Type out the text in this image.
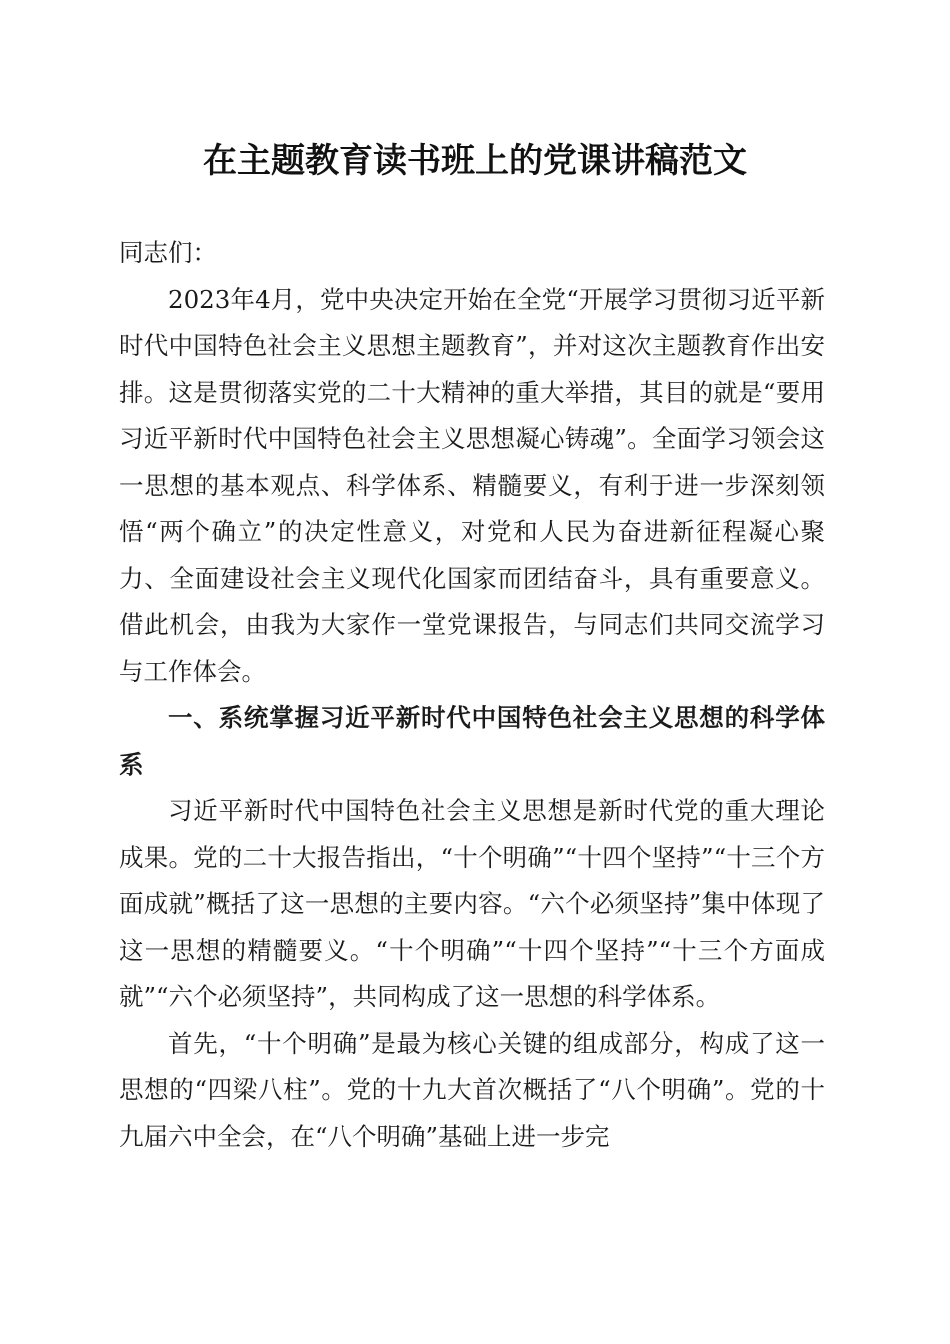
在主题教育读书班上的党课讲稿范文

同志们：

2023年4月，党中央决定开始在全党“开展学习贯彻习近平新时代中国特色社会主义思想主题教育”，并对这次主题教育作出安排。这是贯彻落实党的二十大精神的重大举措，其目的就是“要用习近平新时代中国特色社会主义思想凝心铸魂”。全面学习领会这一思想的基本观点、科学体系、精髓要义，有利于进一步深刻领悟“两个确立”的决定性意义，对党和人民为奋进新征程凝心聚力、全面建设社会主义现代化国家而团结奋斗，具有重要意义。借此机会，由我为大家作一堂党课报告，与同志们共同交流学习与工作体会。

一、系统掌握习近平新时代中国特色社会主义思想的科学体系

习近平新时代中国特色社会主义思想是新时代党的重大理论成果。党的二十大报告指出，“十个明确”“十四个坚持”“十三个方面成就”概括了这一思想的主要内容。“六个必须坚持”集中体现了这一思想的精髓要义。“十个明确”“十四个坚持”“十三个方面成就”“六个必须坚持”，共同构成了这一思想的科学体系。

首先，“十个明确”是最为核心关键的组成部分，构成了这一思想的“四梁八柱”。党的十九大首次概括了“八个明确”。党的十九届六中全会，在“八个明确”基础上进一步完
